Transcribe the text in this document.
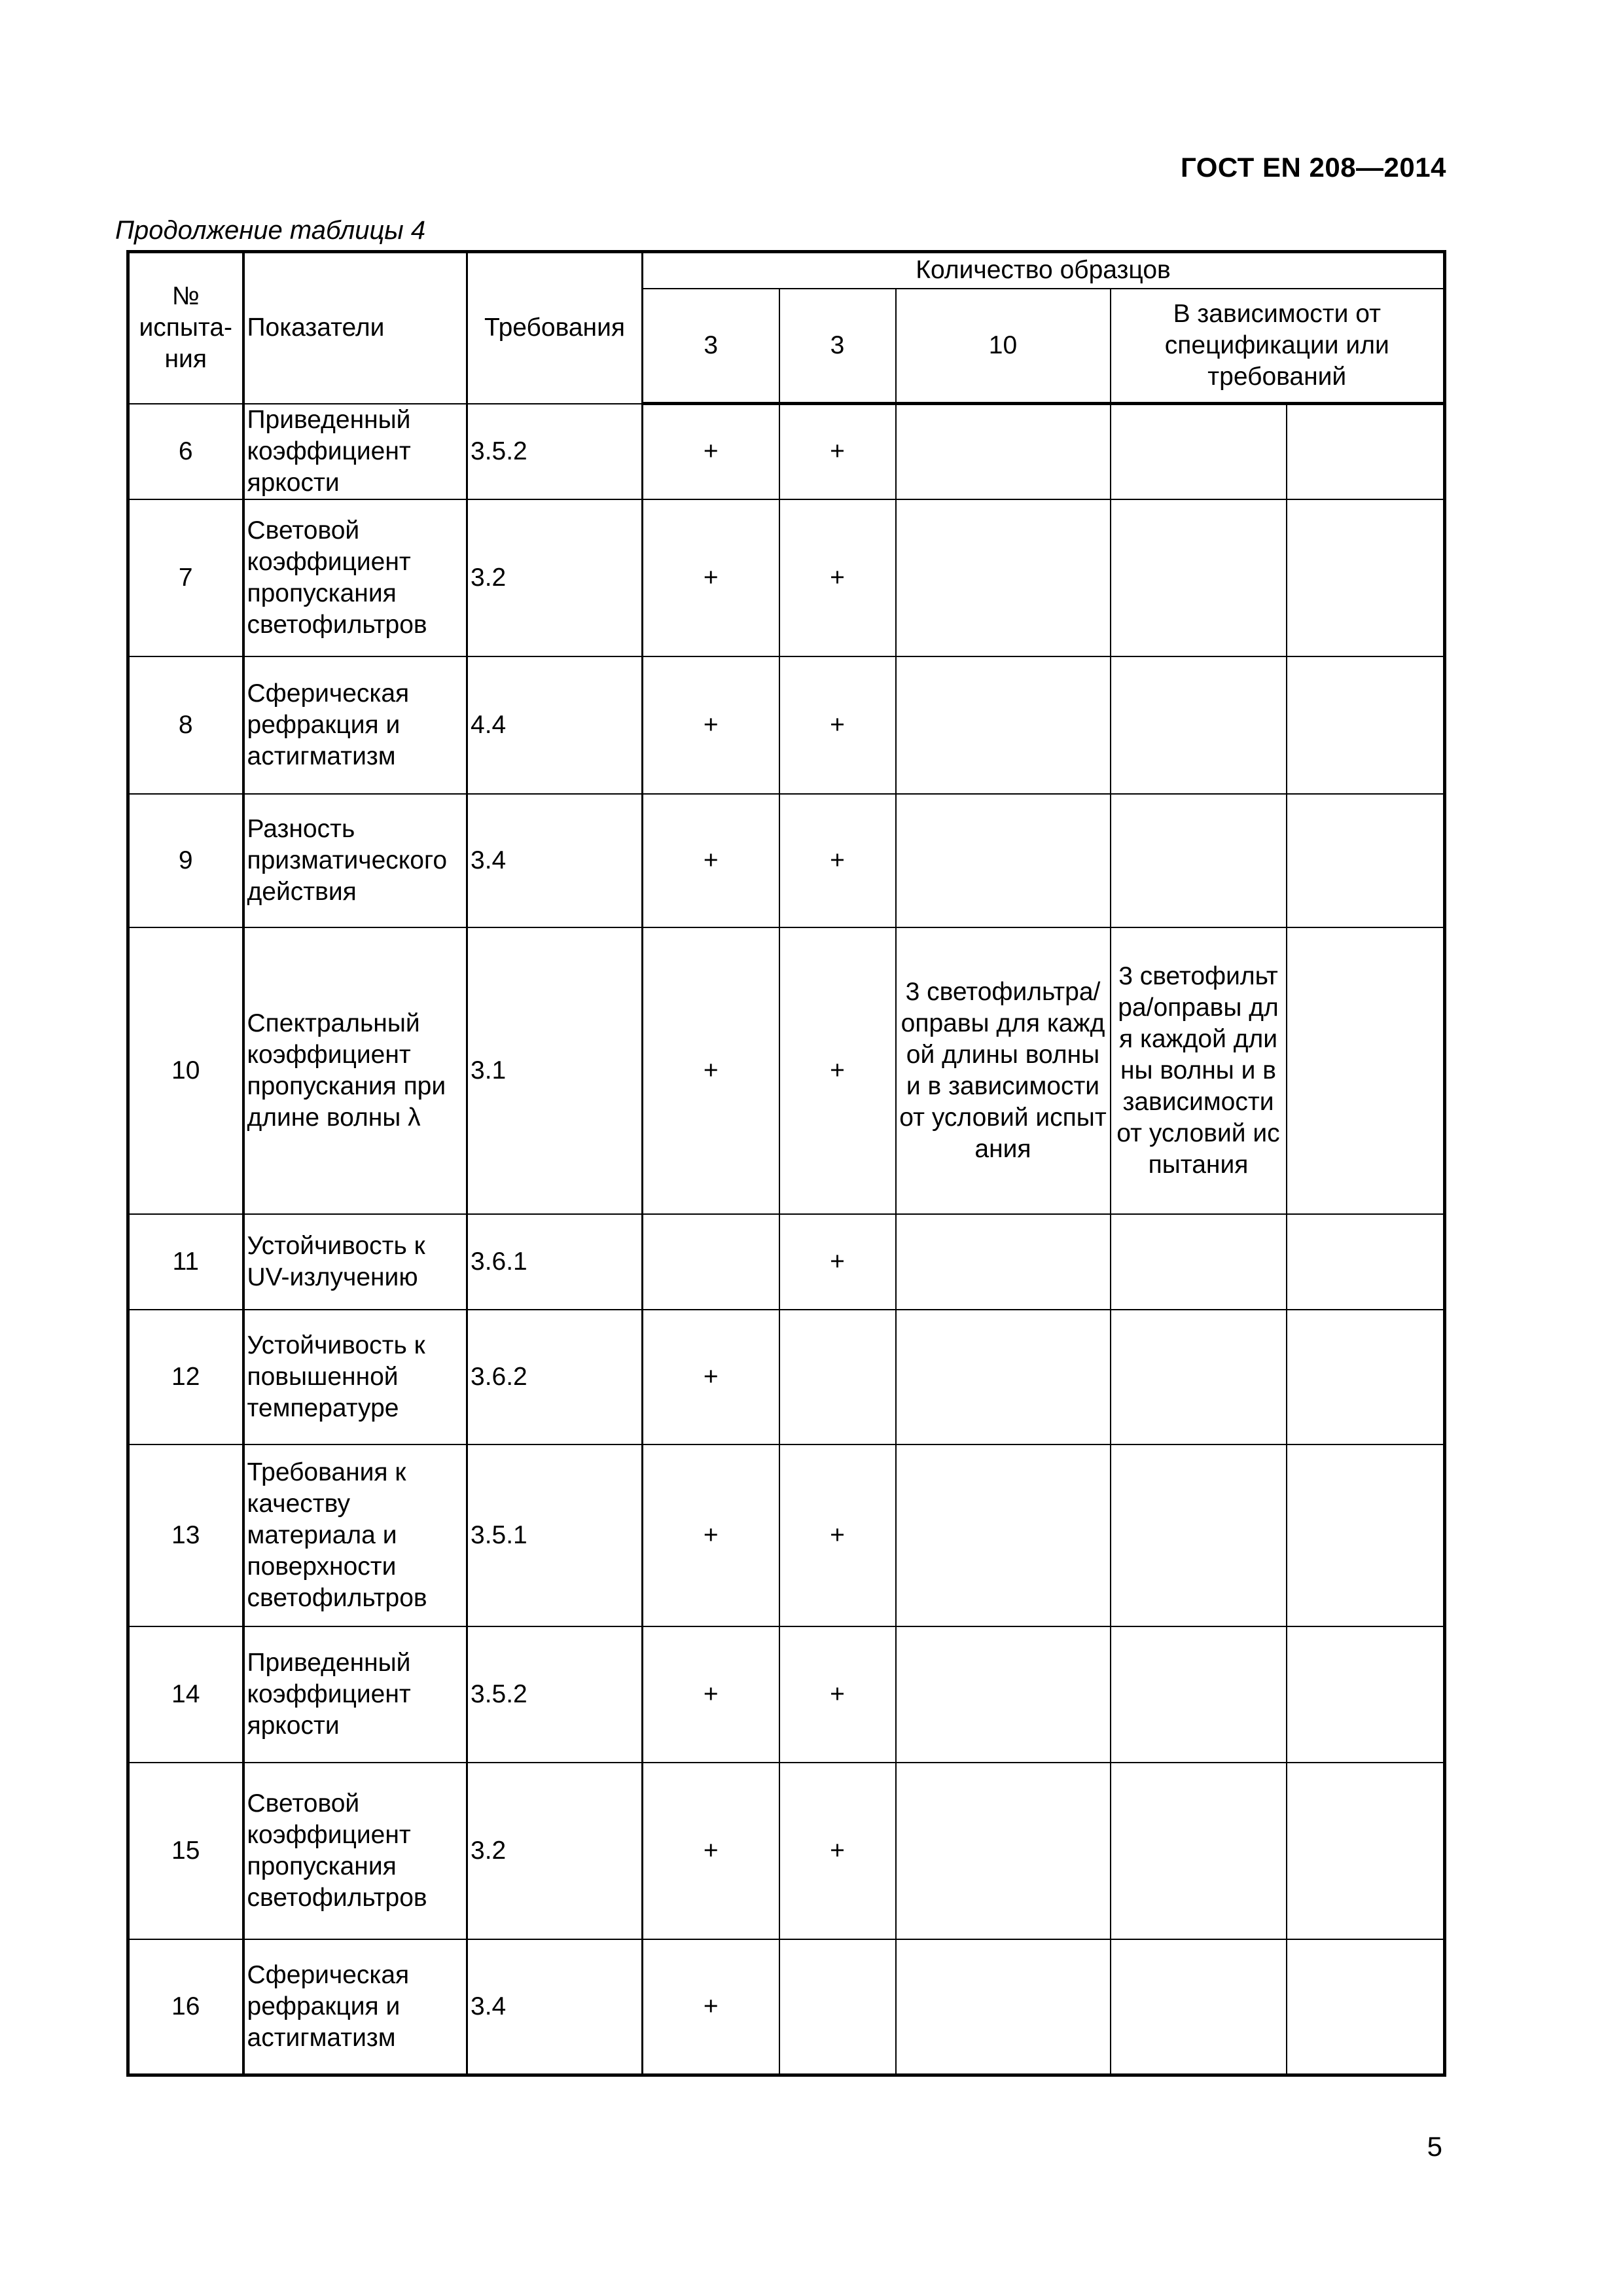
ГОСТ EN 208—2014
Продолжение таблицы 4
№ испыта-ния	Показатели	Требования	Количество образцов				
			3	3	10	В зависимости от спецификации или требований	
6	Приведенный коэффициент яркости	3.5.2	+	+			
7	Световой коэффициент пропускания светофильтров	3.2	+	+			
8	Сферическая рефракция и астигматизм	4.4	+	+			
9	Разность призматического действия	3.4	+	+			
10	Спектральный коэффициент пропускания при длине волны λ	3.1	+	+	3 светофильтра/оправы для каждой длины волны и в зависимости от условий испытания	3 светофильтра/оправы для каждой длины волны и в зависимости от условий испытания	
11	Устойчивость к UV-излучению	3.6.1		+			
12	Устойчивость к повышенной температуре	3.6.2	+				
13	Требования к качеству материала и поверхности светофильтров	3.5.1	+	+			
14	Приведенный коэффициент яркости	3.5.2	+	+			
15	Световой коэффициент пропускания светофильтров	3.2	+	+			
16	Сферическая рефракция и астигматизм	3.4	+				
5
